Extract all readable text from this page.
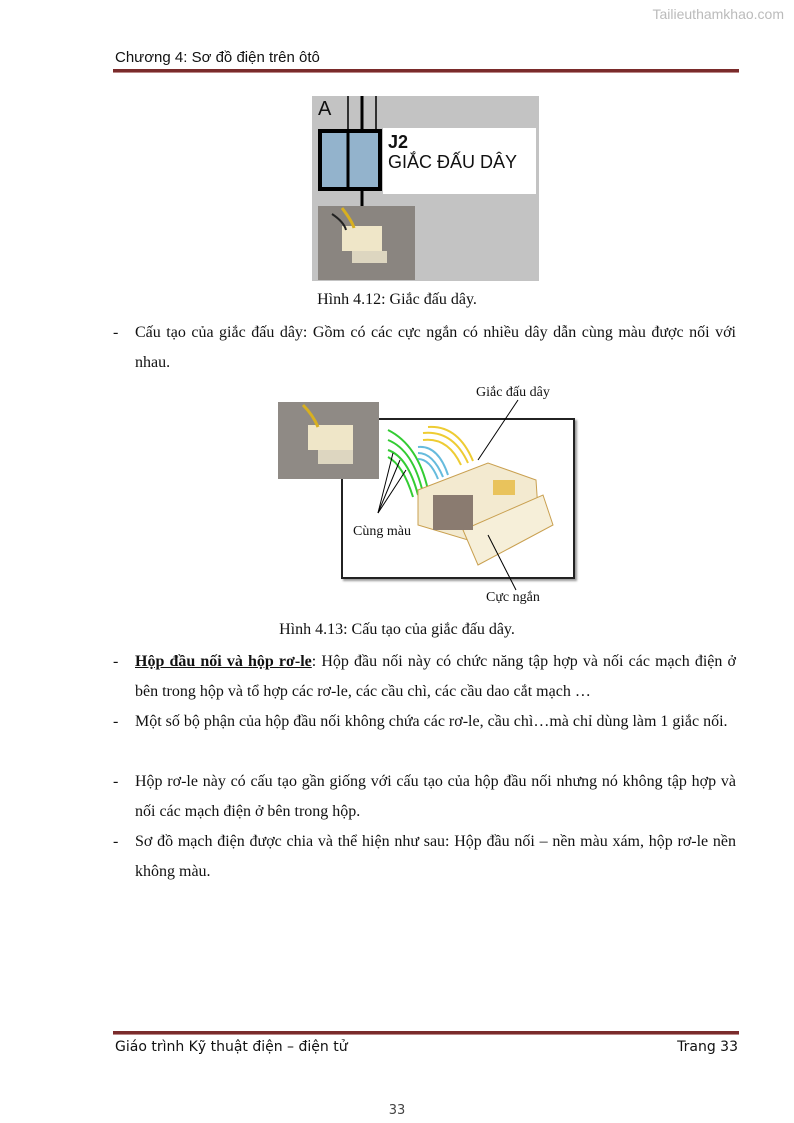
Tailieuthamkhao.com
Chương 4: Sơ đồ điện trên ôtô
A
J2
GIẮC ĐẤU DÂY
Hình 4.12: Giắc đấu dây.
- Cấu tạo của giắc đấu dây: Gồm có các cực ngắn có nhiều dây dẫn cùng màu được nối với nhau.
Giắc đấu dây
Cùng màu
Cực ngắn
Hình 4.13: Cấu tạo của giắc đấu dây.
- Hộp đầu nối và hộp rơ-le: Hộp đầu nối này có chức năng tập hợp và nối các mạch điện ở bên trong hộp và tổ hợp các rơ-le, các cầu chì, các cầu dao cắt mạch …
- Một số bộ phận của hộp đầu nối không chứa các rơ-le, cầu chì…mà chỉ dùng làm 1 giắc nối.
- Hộp rơ-le này có cấu tạo gần giống với cấu tạo của hộp đầu nối nhưng nó không tập hợp và nối các mạch điện ở bên trong hộp.
- Sơ đồ mạch điện được chia và thể hiện như sau: Hộp đầu nối – nền màu xám, hộp rơ-le nền không màu.
Giáo trình Kỹ thuật điện – điện tử	Trang 33
33
